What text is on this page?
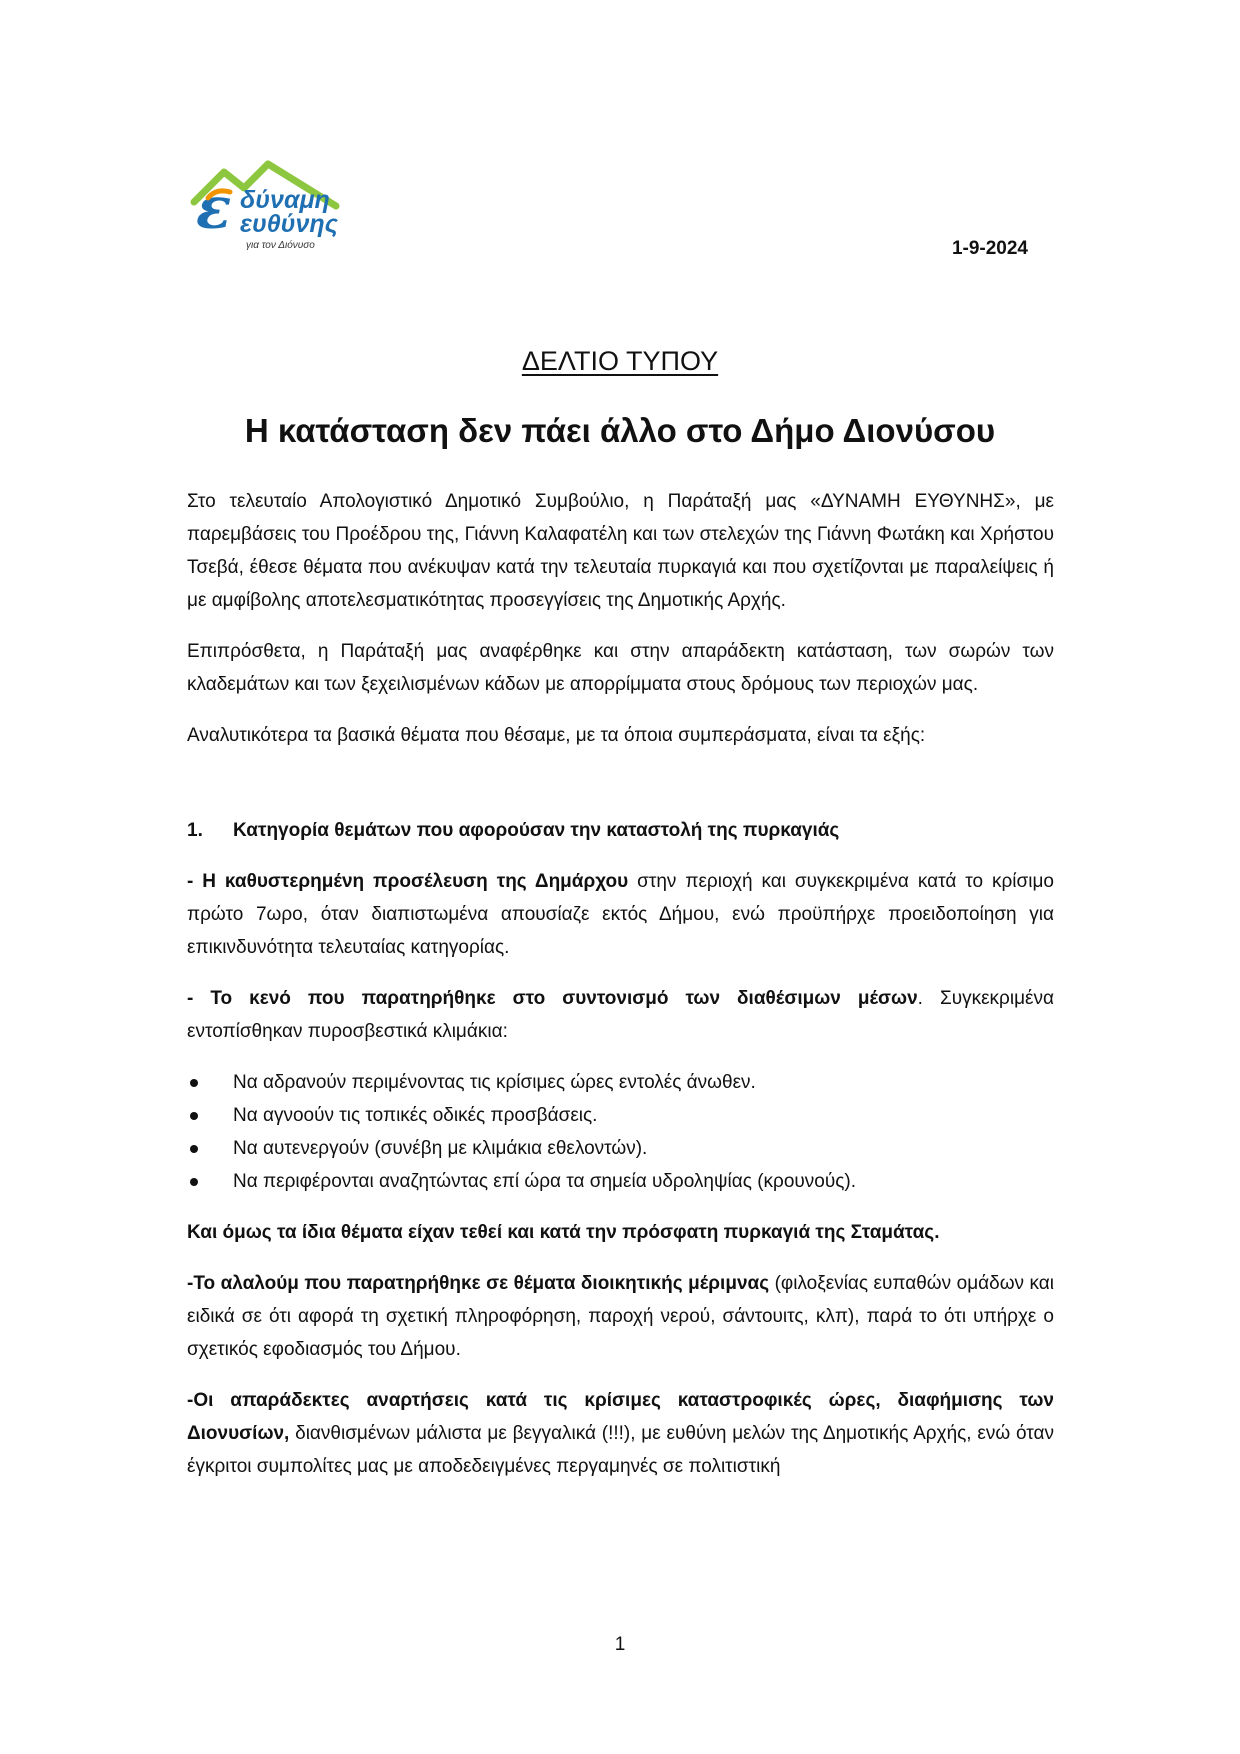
ε δύναμη
ευθύνης
για τον Διόνυσο	1-9-2024
ΔΕΛΤΙΟ ΤΥΠΟΥ
Η κατάσταση δεν πάει άλλο στο Δήμο Διονύσου

Στο τελευταίο Απολογιστικό Δημοτικό Συμβούλιο, η Παράταξή μας «ΔΥΝΑΜΗ ΕΥΘΥΝΗΣ», με παρεμβάσεις του Προέδρου της, Γιάννη Καλαφατέλη και των στελεχών της Γιάννη Φωτάκη και Χρήστου Τσεβά, έθεσε θέματα που ανέκυψαν κατά την τελευταία πυρκαγιά και που σχετίζονται με παραλείψεις ή με αμφίβολης αποτελεσματικότητας προσεγγίσεις της Δημοτικής Αρχής.

Επιπρόσθετα, η Παράταξή μας αναφέρθηκε και στην απαράδεκτη κατάσταση, των σωρών των κλαδεμάτων και των ξεχειλισμένων κάδων με απορρίμματα στους δρόμους των περιοχών μας.

Αναλυτικότερα τα βασικά θέματα που θέσαμε, με τα όποια συμπεράσματα, είναι τα εξής:

1.	Κατηγορία θεμάτων που αφορούσαν την καταστολή της πυρκαγιάς

- Η καθυστερημένη προσέλευση της Δημάρχου στην περιοχή και συγκεκριμένα κατά το κρίσιμο πρώτο 7ωρο, όταν διαπιστωμένα απουσίαζε εκτός Δήμου, ενώ προϋπήρχε προειδοποίηση για επικινδυνότητα τελευταίας κατηγορίας.

- Το κενό που παρατηρήθηκε στο συντονισμό των διαθέσιμων μέσων. Συγκεκριμένα εντοπίσθηκαν πυροσβεστικά κλιμάκια:

Να αδρανούν περιμένοντας τις κρίσιμες ώρες εντολές άνωθεν.
Να αγνοούν τις τοπικές οδικές προσβάσεις.
Να αυτενεργούν (συνέβη με κλιμάκια εθελοντών).
Να περιφέρονται αναζητώντας επί ώρα τα σημεία υδροληψίας (κρουνούς).

Και όμως τα ίδια θέματα είχαν τεθεί και κατά την πρόσφατη πυρκαγιά της Σταμάτας.

-Το αλαλούμ που παρατηρήθηκε σε θέματα διοικητικής μέριμνας (φιλοξενίας ευπαθών ομάδων και ειδικά σε ότι αφορά τη σχετική πληροφόρηση, παροχή νερού, σάντουιτς, κλπ), παρά το ότι υπήρχε ο σχετικός εφοδιασμός του Δήμου.

-Οι απαράδεκτες αναρτήσεις κατά τις κρίσιμες καταστροφικές ώρες, διαφήμισης των Διονυσίων, διανθισμένων μάλιστα με βεγγαλικά (!!!), με ευθύνη μελών της Δημοτικής Αρχής, ενώ όταν έγκριτοι συμπολίτες μας με αποδεδειγμένες περγαμηνές σε πολιτιστική

1
